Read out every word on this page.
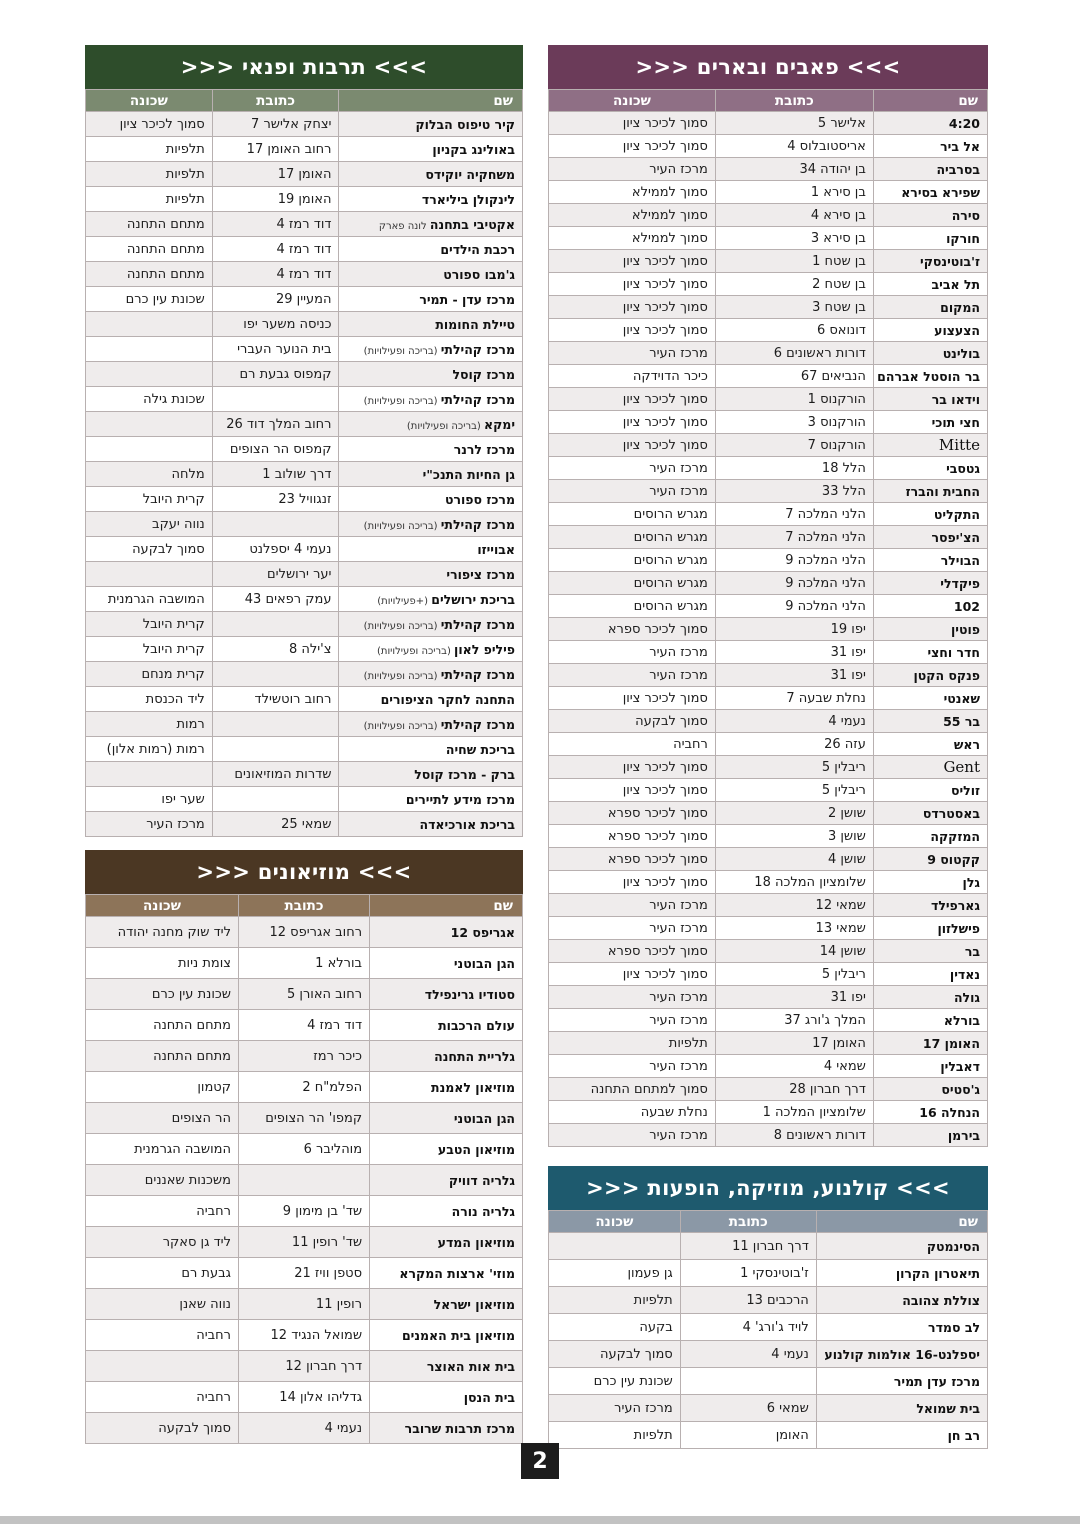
>>> פאבים ובארים <<<
שם	כתובת	שכונה
4:20	אלישר 5	סמוך לכיכר ציון
אל ביר	אריסטובלוס 4	סמוך לכיכר ציון
בסרביה	בן יהודה 34	מרכז העיר
שפירא בסירא	בן סירא 1	סמוך לממילא
סירה	בן סירא 4	סמוך לממילא
חורקו	בן סירא 3	סמוך לממילא
ז'בוטינסקי	בן שטח 1	סמוך לכיכר ציון
תל אביב	בן שטח 2	סמוך לכיכר ציון
המקום	בן שטח 3	סמוך לכיכר ציון
הצעצוע	דונואס 6	סמוך לכיכר ציון
בולינט	דורות ראשונים 6	מרכז העיר
בר הוסטל אברהם	הנביאים 67	כיכר הדוידקה
וידאו בר	הורקנוס 1	סמוך לכיכר ציון
חצי תוכי	הורקנוס 3	סמוך לכיכר ציון
Mitte	הורקנוס 7	סמוך לכיכר ציון
גטסבי	הלל 18	מרכז העיר
החבית והברז	הלל 33	מרכז העיר
התקליט	הלני המלכה 7	מגרש הרוסים
הצ'יפסר	הלני המלכה 7	מגרש הרוסים
הבוילר	הלני המלכה 9	מגרש הרוסים
פיקדלי	הלני המלכה 9	מגרש הרוסים
102	הלני המלכה 9	מגרש הרוסים
פוטין	יפו 19	סמוך לכיכר ספרא
חדר וחצי	יפו 31	מרכז העיר
פנקס הקטן	יפו 31	מרכז העיר
שאנטי	נחלת שבעה 7	סמוך לכיכר ציון
בר 55	נעמי 4	סמוך לבקעה
ראש	עזה 26	רחביה
Gent	ריבלין 5	סמוך לכיכר ציון
זוליס	ריבלין 5	סמוך לכיכר ציון
באסטרדס	שושן 2	סמוך לכיכר ספרא
המזקקה	שושן 3	סמוך לכיכר ספרא
קקטוס 9	שושן 4	סמוך לכיכר ספרא
גלן	שלומציון המלכה 18	סמוך לכיכר ציון
גארפילד	שמאי 12	מרכז העיר
פישלזון	שמאי 13	מרכז העיר
בר	שושן 14	סמוך לכיכר ספרא
נאדין	ריבלין 5	סמוך לכיכר ציון
גולה	יפו 31	מרכז העיר
בורלא	המלך ג'ורג 37	מרכז העיר
האומן 17	האומן 17	תלפיות
דאבלין	שמאי 4	מרכז העיר
ג'סטיס	דרך חברון 28	סמוך למתחם התחנה
הנחלה 16	שלומציון המלכה 1	נחלת שבעה
בירמן	דורות ראשונים 8	מרכז העיר
>>> קולנוע, מוזיקה, הופעות <<<
שם	כתובת	שכונה
הסינמטק	דרך חברון 11	
תיאטרון הקרון	ז'בוטינסקי 1	גן פעמון
צוללת צהובה	הרכבים 13	תלפיות
לב סמדר	לויד ג'ורג' 4	בקעה
יספלנט-16 אולמות קולנוע	נעמי 4	סמוך לבקעה
מרכז עדן תמיר		שכונת עין כרם
בית שמואל	שמאי 6	מרכז העיר
רב חן	האומן	תלפיות
>>> תרבות ופנאי <<<
שם	כתובת	שכונה
קיר טיפוס הבלוק	יצחק אלישר 7	סמוך לכיכר ציון
באולינג בקניון	רחוב האומן 17	תלפיות
משחקיה יוקידס	האומן 17	תלפיות
לינקולן ביליארד	האומן 19	תלפיות
אקטיבי בתחנה לונה פארק	דוד רמז 4	מתחם התחנה
רכבת הילדים	דוד רמז 4	מתחם התחנה
ג'מבו ספורט	דוד רמז 4	מתחם התחנה
מרכז עדן - תמיר	המעיין 29	שכונת עין כרם
טיילת החומות	כניסה משער יפו	
מרכז קהילתי (בריכה ופעילויות)	בית הנוער העברי	
מרכז קוסל	קמפוס גבעת רם	
מרכז קהילתי (בריכה ופעילויות)		שכונת גילה
ימקא (בריכה ופעילויות)	רחוב המלך דוד 26	
מרכז לרנר	קמפוס הר הצופים	
גן החיות התנכ"י	דרך שולוב 1	מלחה
מרכז ספורט	זנגוויל 23	קרית היובל
מרכז קהילתי (בריכה ופעילויות)		נווה יעקב
אבוייזו	נעמי 4 יספלנט	סמוך לבקעה
מרכז ציפורי	יער ירושלים	
בריכת ירושלים (+פעילויות)	עמק רפאים 43	המושבה הגרמנית
מרכז קהילתי (בריכה ופעילויות)		קרית היובל
פיליפ לאון (בריכה ופעילויות)	צ'ילה 8	קרית היובל
מרכז קהילתי (בריכה ופעילויות)		קרית מנחם
התחנה לחקר הציפורים	רחוב רוטשילד	ליד הכנסת
מרכז קהילתי (בריכה ופעילויות)		רמות
בריכת שחיה		רמות (רמות אלון)
ברק - מרכז קוסל	שדרות המוזיאונים	
מרכז מידע לתיירים		שער יפו
בריכת אורכיאדה	שמאי 25	מרכז העיר
>>> מוזיאונים <<<
שם	כתובת	שכונה
אגריפס 12	רחוב אגריפס 12	ליד שוק מחנה יהודה
הגן הבוטני	בורלא 1	צומת ניות
סטודיו גרינפילד	רחוב האורן 5	שכונת עין כרם
עולם הרכבות	דוד רמז 4	מתחם התחנה
גלריית התחנה	כיכר רמז	מתחם התחנה
מוזיאון לאמנת	הפלמ"ח 2	קטמון
הגן הבוטני	קמפו' הר הצופים	הר הצופים
מוזיאון הטבע	מוהליבר 6	המושבה הגרמנית
גלריה דוויק		משכנות שאננים
גלריה נורה	שד' בן מימון 9	רחביה
מוזיאון המדע	שד' רופין 11	ליד גן סאקר
מוזי' ארצות המקרא	סטפן וויז 21	גבעת רם
מוזיאון ישראל	רופין 11	נווה שאנן
מוזיאון בית האמנים	שמואל הנגיד 12	רחביה
בית אות האוצר	דרך חברון 12	
בית הנסן	גדליהו אלון 14	רחביה
מרכז תרבות שרובר	נעמי 4	סמוך לבקעה
2
